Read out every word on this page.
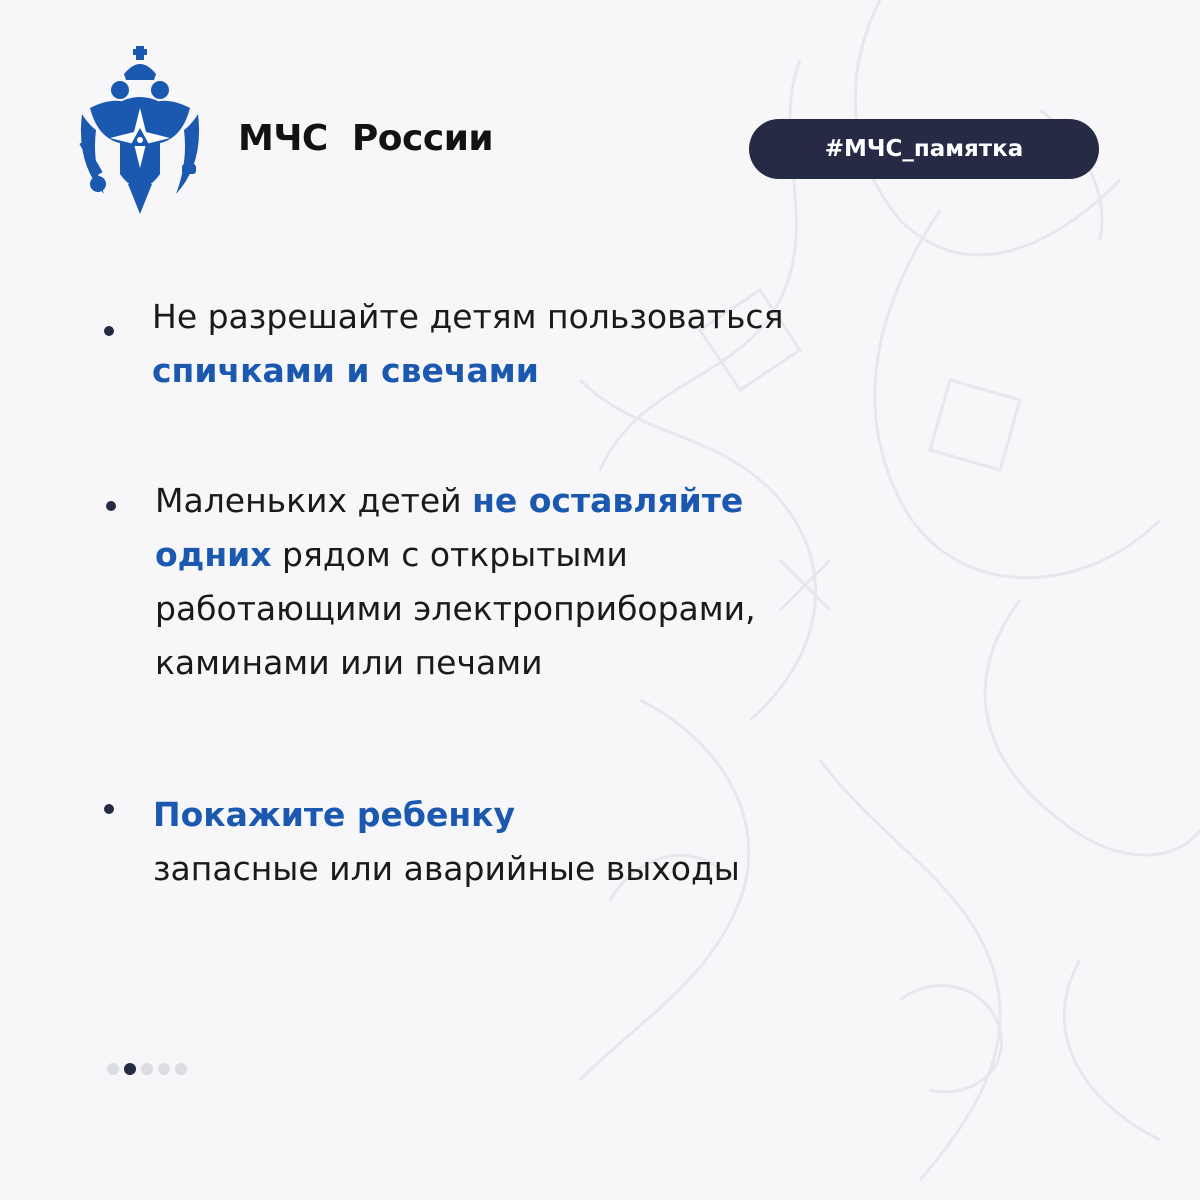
МЧС  России	#МЧС_памятка
Не разрешайте детям пользоваться
спичками и свечами
Маленьких детей не оставляйте одних рядом с открытыми работающими электроприборами, каминами или печами
Покажите ребенку
запасные или аварийные выходы
